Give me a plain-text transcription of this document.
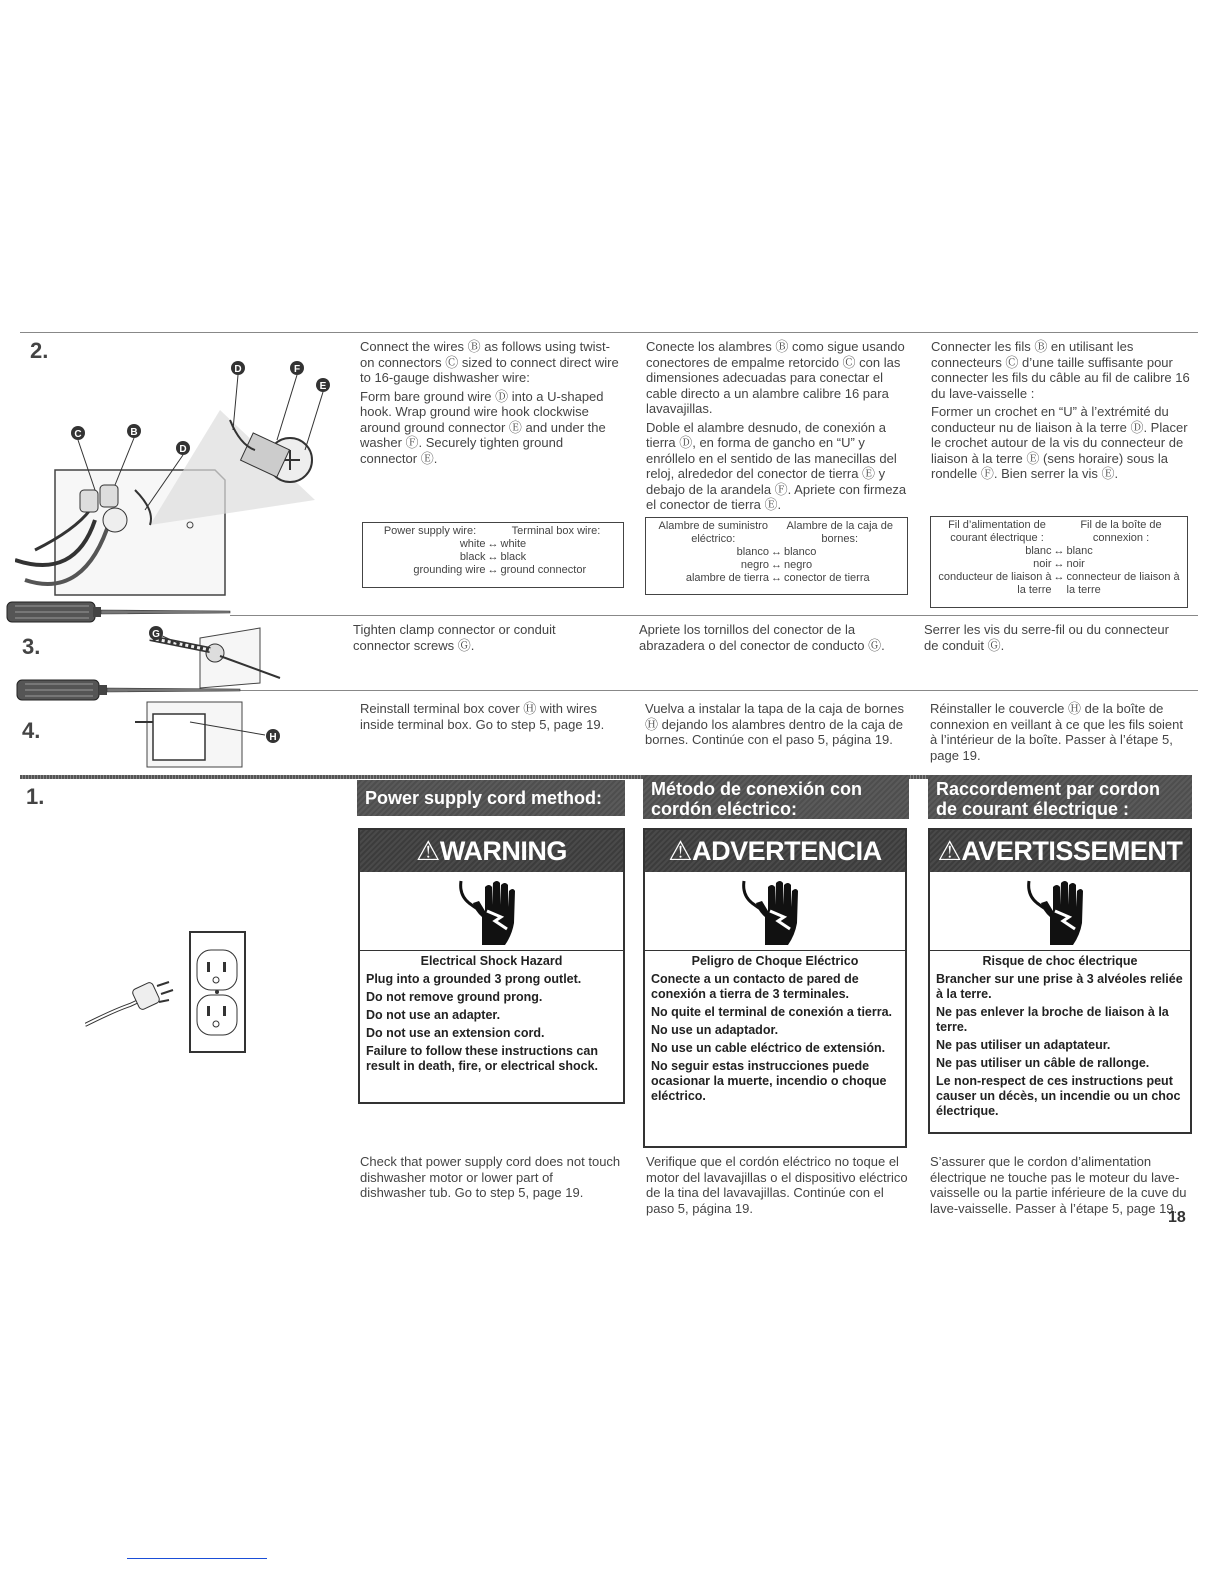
2.
D	F
E
C	B
D

Connect the wires Ⓑ as follows using twist-on connectors Ⓒ sized to connect direct wire to 16-gauge dishwasher wire:

Form bare ground wire Ⓓ into a U-shaped hook. Wrap ground wire hook clockwise around ground connector Ⓔ and under the washer Ⓕ. Securely tighten ground connector Ⓔ.

Conecte los alambres Ⓑ como sigue usando conectores de empalme retorcido Ⓒ con las dimensiones adecuadas para conectar el cable directo a un alambre calibre 16 para lavavajillas.

Doble el alambre desnudo, de conexión a tierra Ⓓ, en forma de gancho en “U” y enróllelo en el sentido de las manecillas del reloj, alrededor del conector de tierra Ⓔ y debajo de la arandela Ⓕ. Apriete con firmeza el conector de tierra Ⓔ.

Connecter les fils Ⓑ en utilisant les connecteurs Ⓒ d’une taille suffisante pour connecter les fils du câble au fil de calibre 16 du lave-vaisselle :

Former un crochet en “U” à l’extrémité du conducteur nu de liaison à la terre Ⓓ. Placer le crochet autour de la vis du connecteur de liaison à la terre Ⓔ (sens horaire) sous la rondelle Ⓕ. Bien serrer la vis Ⓔ.

Power supply wire:	Terminal box wire:
white ↔ white
black ↔ black
grounding wire ↔ ground connector
Alambre de suministro eléctrico:
Alambre de la caja de bornes:
blanco ↔ blanco
negro ↔ negro
alambre de tierra ↔ conector de tierra
Fil d’alimentation de courant électrique :
Fil de la boîte de connexion :
blanc ↔ blanc
noir ↔ noir
conducteur de liaison à la terre
↔ connecteur de liaison à la terre
3.	G	Tighten clamp connector or conduit connector screws Ⓖ.
Apriete los tornillos del conector de la abrazadera o del conector de conducto Ⓖ.
Serrer les vis du serre-fil ou du connecteur de conduit Ⓖ.
4.	H
Reinstall terminal box cover Ⓗ with wires inside terminal box. Go to step 5, page 19.
Vuelva a instalar la tapa de la caja de bornes Ⓗ dejando los alambres dentro de la caja de bornes. Continúe con el paso 5, página 19.
Réinstaller le couvercle Ⓗ de la boîte de connexion en veillant à ce que les fils soient à l’intérieur de la boîte. Passer à l’étape 5, page 19.
1.	Power supply cord method:	Método de conexión con cordón eléctrico:
Raccordement par cordon de courant électrique :
⚠WARNING
Electrical Shock Hazard
Plug into a grounded 3 prong outlet.
Do not remove ground prong.
Do not use an adapter.
Do not use an extension cord.
Failure to follow these instructions can result in death, fire, or electrical shock.
⚠ADVERTENCIA
Peligro de Choque Eléctrico
Conecte a un contacto de pared de conexión a tierra de 3 terminales.
No quite el terminal de conexión a tierra.
No use un adaptador.
No use un cable eléctrico de extensión.
No seguir estas instrucciones puede ocasionar la muerte, incendio o choque eléctrico.
⚠AVERTISSEMENT
Risque de choc électrique
Brancher sur une prise à 3 alvéoles reliée à la terre.
Ne pas enlever la broche de liaison à la terre.
Ne pas utiliser un adaptateur.
Ne pas utiliser un câble de rallonge.
Le non-respect de ces instructions peut causer un décès, un incendie ou un choc électrique.
Check that power supply cord does not touch dishwasher motor or lower part of dishwasher tub. Go to step 5, page 19.
Verifique que el cordón eléctrico no toque el motor del lavavajillas o el dispositivo eléctrico de la tina del lavavajillas. Continúe con el paso 5, página 19.
S’assurer que le cordon d’alimentation électrique ne touche pas le moteur du lave-vaisselle ou la partie inférieure de la cuve du lave-vaisselle. Passer à l’étape 5, page 19.
18
